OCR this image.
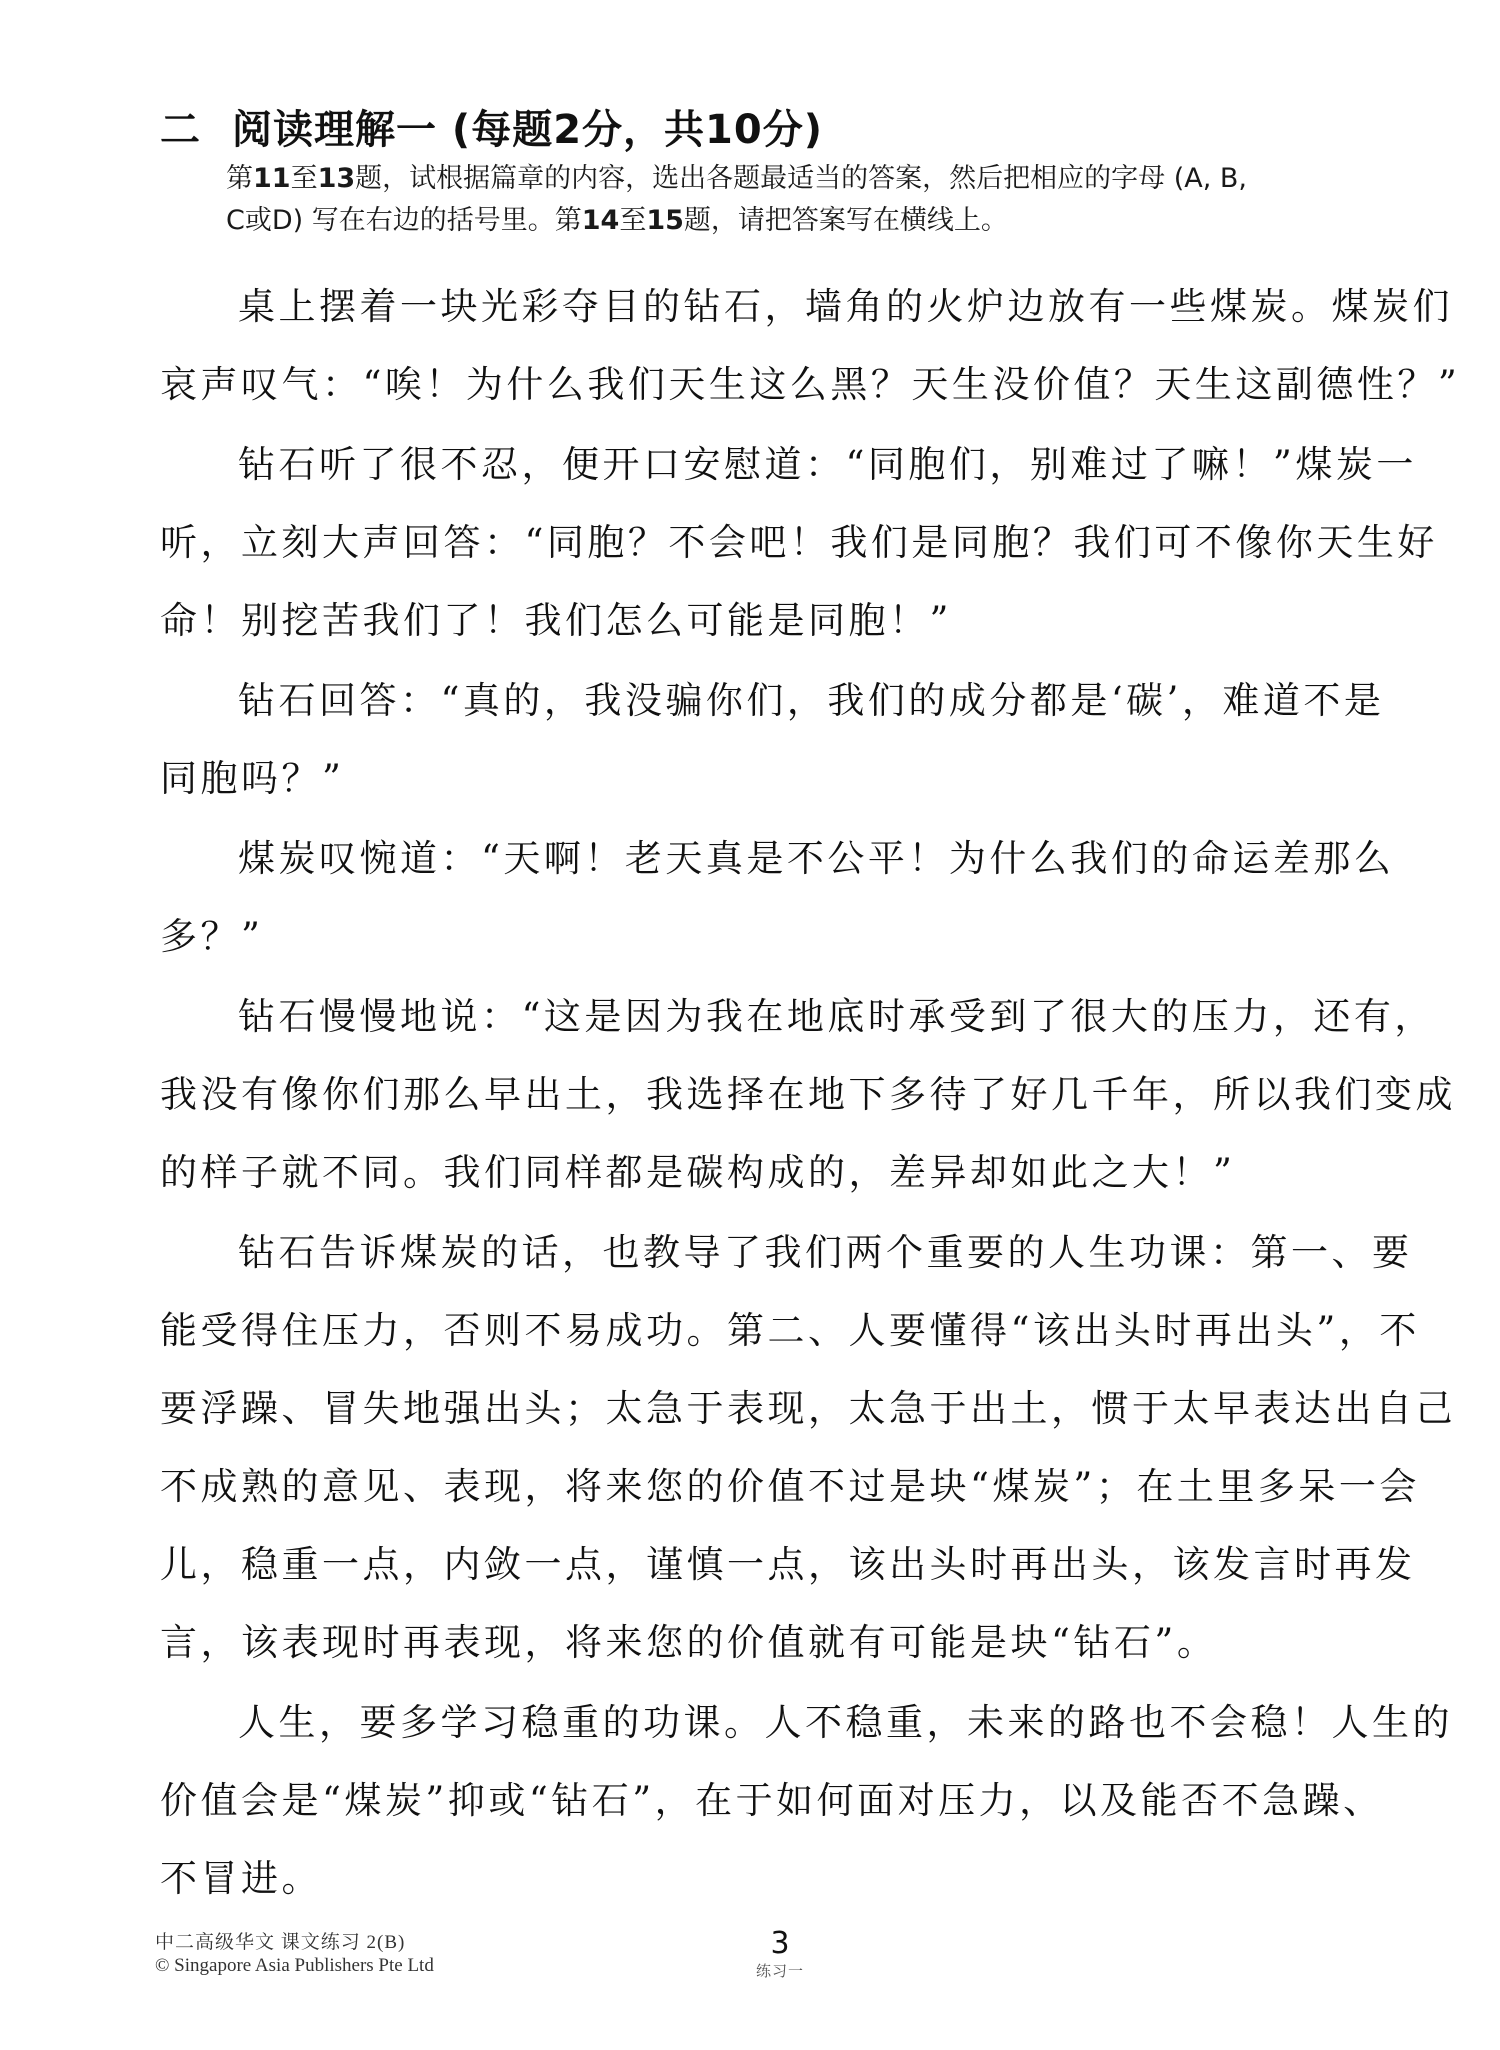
二 阅读理解一 (每题2分，共10分)
第11至13题，试根据篇章的内容，选出各题最适当的答案，然后把相应的字母 (A, B,
C或D) 写在右边的括号里。第14至15题，请把答案写在横线上。
桌上摆着一块光彩夺目的钻石，墙角的火炉边放有一些煤炭。煤炭们
哀声叹气：“唉！为什么我们天生这么黑？天生没价值？天生这副德性？”
钻石听了很不忍，便开口安慰道：“同胞们，别难过了嘛！”煤炭一
听，立刻大声回答：“同胞？不会吧！我们是同胞？我们可不像你天生好
命！别挖苦我们了！我们怎么可能是同胞！”
钻石回答：“真的，我没骗你们，我们的成分都是‘碳’，难道不是
同胞吗？”
煤炭叹惋道：“天啊！老天真是不公平！为什么我们的命运差那么
多？”
钻石慢慢地说：“这是因为我在地底时承受到了很大的压力，还有，
我没有像你们那么早出土，我选择在地下多待了好几千年，所以我们变成
的样子就不同。我们同样都是碳构成的，差异却如此之大！”
钻石告诉煤炭的话，也教导了我们两个重要的人生功课：第一、要
能受得住压力，否则不易成功。第二、人要懂得“该出头时再出头”，不
要浮躁、冒失地强出头；太急于表现，太急于出土，惯于太早表达出自己
不成熟的意见、表现，将来您的价值不过是块“煤炭”；在土里多呆一会
儿，稳重一点，内敛一点，谨慎一点，该出头时再出头，该发言时再发
言，该表现时再表现，将来您的价值就有可能是块“钻石”。
人生，要多学习稳重的功课。人不稳重，未来的路也不会稳！人生的
价值会是“煤炭”抑或“钻石”，在于如何面对压力，以及能否不急躁、
不冒进。
中二高级华文 课文练习 2(B)
© Singapore Asia Publishers Pte Ltd
3
练习一
